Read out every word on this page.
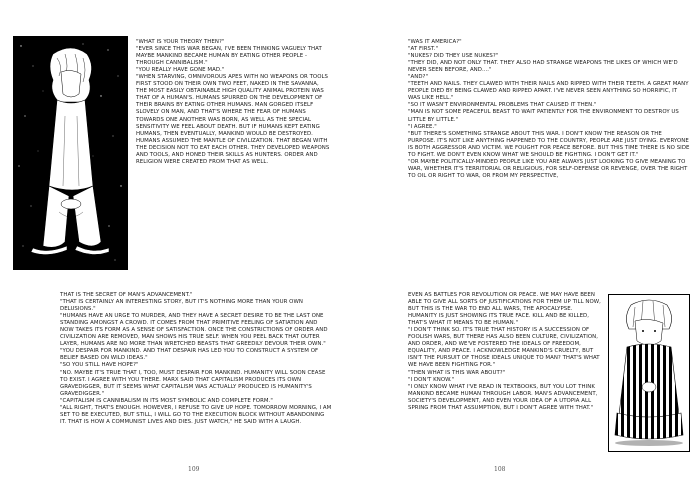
"WHAT IS YOUR THEORY THEN?"

"EVER SINCE THIS WAR BEGAN, I'VE BEEN THINKING VAGUELY THAT MAYBE MANKIND BECAME HUMAN BY EATING OTHER PEOPLE - THROUGH CANNIBALISM."

"YOU REALLY HAVE GONE MAD."

"WHEN STARVING, OMNIVOROUS APES WITH NO WEAPONS OR TOOLS FIRST STOOD ON THEIR OWN TWO FEET, NAKED IN THE SAVANNA, THE MOST EASILY OBTAINABLE HIGH QUALITY ANIMAL PROTEIN WAS THAT OF A HUMAN'S. HUMANS SPURRED ON THE DEVELOPMENT OF THEIR BRAINS BY EATING OTHER HUMANS. MAN GORGED ITSELF SLOVELY ON MAN, AND THAT'S WHERE THE FEAR OF HUMANS TOWARDS ONE ANOTHER WAS BORN, AS WELL AS THE SPECIAL SENSITIVITY WE FEEL ABOUT DEATH. BUT IF HUMANS KEPT EATING HUMANS, THEN EVENTUALLY, MANKIND WOULD BE DESTROYED. HUMANS ASSUMED THE MANTLE OF CIVILIZATION. THAT BEGAN WITH THE DECISION NOT TO EAT EACH OTHER. THEY DEVELOPED WEAPONS AND TOOLS, AND HONED THEIR SKILLS AS HUNTERS. ORDER AND RELIGION WERE CREATED FROM THAT AS WELL.

THAT IS THE SECRET OF MAN'S ADVANCEMENT."

"THAT IS CERTAINLY AN INTERESTING STORY, BUT IT'S NOTHING MORE THAN YOUR OWN DELUSIONS."

"HUMANS HAVE AN URGE TO MURDER, AND THEY HAVE A SECRET DESIRE TO BE THE LAST ONE STANDING AMONGST A CROWD. IT COMES FROM THAT PRIMITIVE FEELING OF SATIATION AND NOW TAKES ITS FORM AS A SENSE OF SATISFACTION. ONCE THE CONSTRICTIONS OF ORDER AND CIVILIZATION ARE REMOVED, MAN SHOWS HIS TRUE SELF. WHEN YOU PEEL BACK THAT OUTER LAYER, HUMANS ARE NO MORE THAN WRETCHED BEASTS THAT GREEDILY DEVOUR THEIR OWN."

"YOU DESPAIR FOR MANKIND. AND THAT DESPAIR HAS LED YOU TO CONSTRUCT A SYSTEM OF BELIEF BASED ON WILD IDEAS."

"SO YOU STILL HAVE HOPE?"

"NO. MAYBE IT'S TRUE THAT I, TOO, MUST DESPAIR FOR MANKIND. HUMANITY WILL SOON CEASE TO EXIST. I AGREE WITH YOU THERE. MARX SAID THAT CAPITALISM PRODUCES ITS OWN GRAVEDIGGER, BUT IT SEEMS WHAT CAPITALISM WAS ACTUALLY PRODUCED IS HUMANITY'S GRAVEDIGGER."

"CAPITALISM IS CANNIBALISM IN ITS MOST SYMBOLIC AND COMPLETE FORM."

"ALL RIGHT, THAT'S ENOUGH. HOWEVER, I REFUSE TO GIVE UP HOPE. TOMORROW MORNING, I AM SET TO BE EXECUTED, BUT STILL, I WILL GO TO THE EXECUTION BLOCK WITHOUT ABANDONING IT. THAT IS HOW A COMMUNIST LIVES AND DIES. JUST WATCH," HE SAID WITH A LAUGH.

109

"WAS IT AMERICA?"

"AT FIRST."

"NUKES? DID THEY USE NUKES?"

"THEY DID, AND NOT ONLY THAT. THEY ALSO HAD STRANGE WEAPONS THE LIKES OF WHICH WE'D NEVER SEEN BEFORE, AND...."

"AND?"

"TEETH AND NAILS. THEY CLAWED WITH THEIR NAILS AND RIPPED WITH THEIR TEETH. A GREAT MANY PEOPLE DIED BY BEING CLAWED AND RIPPED APART. I'VE NEVER SEEN ANYTHING SO HORRIFIC, IT WAS LIKE HELL."

"SO IT WASN'T ENVIRONMENTAL PROBLEMS THAT CAUSED IT THEN."

"MAN IS NOT SOME PEACEFUL BEAST TO WAIT PATIENTLY FOR THE ENVIRONMENT TO DESTROY US LITTLE BY LITTLE."

"I AGREE."

"BUT THERE'S SOMETHING STRANGE ABOUT THIS WAR. I DON'T KNOW THE REASON OR THE PURPOSE. IT'S NOT LIKE ANYTHING HAPPENED TO THE COUNTRY, PEOPLE ARE JUST DYING. EVERYONE IS BOTH AGGRESSOR AND VICTIM. WE FOUGHT FOR PEACE BEFORE. BUT THIS TIME THERE IS NO SIDE TO FIGHT. WE DON'T EVEN KNOW WHAT WE SHOULD BE FIGHTING. I DON'T GET IT."

"OR MAYBE POLITICALLY-MINDED PEOPLE LIKE YOU ARE ALWAYS JUST LOOKING TO GIVE MEANING TO WAR, WHETHER IT'S TERRITORIAL OR RELIGIOUS, FOR SELF-DEFENSE OR REVENGE, OVER THE RIGHT TO OIL OR RIGHT TO WAR, OR FROM MY PERSPECTIVE,

EVEN AS BATTLES FOR REVOLUTION OR PEACE. WE MAY HAVE BEEN ABLE TO GIVE ALL SORTS OF JUSTIFICATIONS FOR THEM UP TILL NOW, BUT THIS IS THE WAR TO END ALL WARS, THE APOCALYPSE. HUMANITY IS JUST SHOWING ITS TRUE FACE. KILL AND BE KILLED, THAT'S WHAT IT MEANS TO BE HUMAN."

"I DON'T THINK SO. IT'S TRUE THAT HISTORY IS A SUCCESSION OF FOOLISH WARS, BUT THERE HAS ALSO BEEN CULTURE, CIVILIZATION, AND ORDER, AND WE'VE FOSTERED THE IDEALS OF FREEDOM, EQUALITY, AND PEACE. I ACKNOWLEDGE MANKIND'S CRUELTY, BUT ISN'T THE PURSUIT OF THOSE IDEALS UNIQUE TO MAN? THAT'S WHAT WE HAVE BEEN FIGHTING FOR."

"THEN WHAT IS THIS WAR ABOUT?"

"I DON'T KNOW."

"I ONLY KNOW WHAT I'VE READ IN TEXTBOOKS, BUT YOU LOT THINK MANKIND BECAME HUMAN THROUGH LABOR. MAN'S ADVANCEMENT, SOCIETY'S DEVELOPMENT, AND EVEN YOUR IDEA OF A UTOPIA ALL SPRING FROM THAT ASSUMPTION, BUT I DON'T AGREE WITH THAT."

108
